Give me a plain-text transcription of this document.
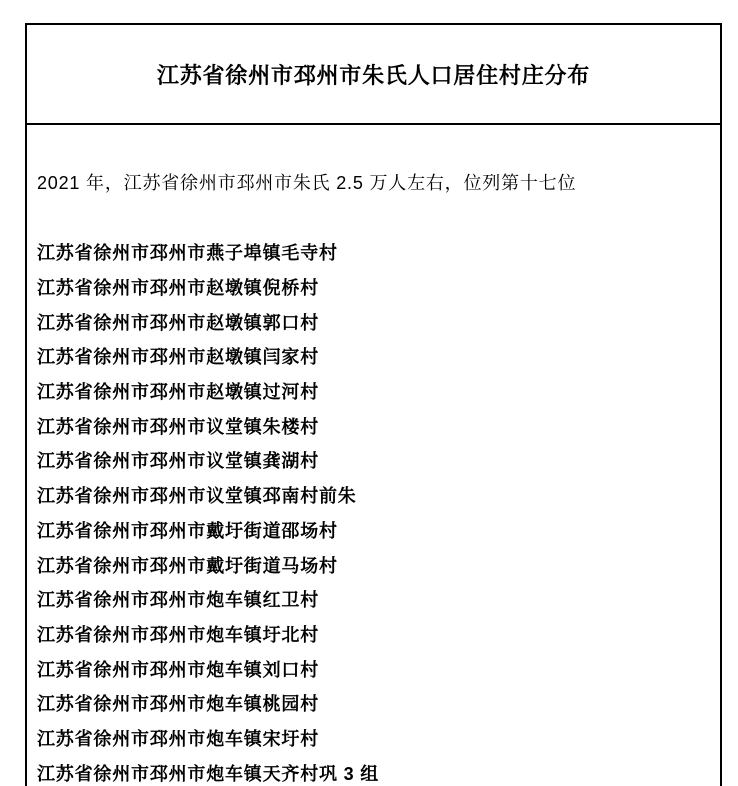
江苏省徐州市邳州市朱氏人口居住村庄分布

2021 年，江苏省徐州市邳州市朱氏 2.5 万人左右，位列第十七位

江苏省徐州市邳州市燕子埠镇毛寺村
江苏省徐州市邳州市赵墩镇倪桥村
江苏省徐州市邳州市赵墩镇郭口村
江苏省徐州市邳州市赵墩镇闫家村
江苏省徐州市邳州市赵墩镇过河村
江苏省徐州市邳州市议堂镇朱楼村
江苏省徐州市邳州市议堂镇龚湖村
江苏省徐州市邳州市议堂镇邳南村前朱
江苏省徐州市邳州市戴圩街道邵场村
江苏省徐州市邳州市戴圩街道马场村
江苏省徐州市邳州市炮车镇红卫村
江苏省徐州市邳州市炮车镇圩北村
江苏省徐州市邳州市炮车镇刘口村
江苏省徐州市邳州市炮车镇桃园村
江苏省徐州市邳州市炮车镇宋圩村
江苏省徐州市邳州市炮车镇天齐村巩 3 组
